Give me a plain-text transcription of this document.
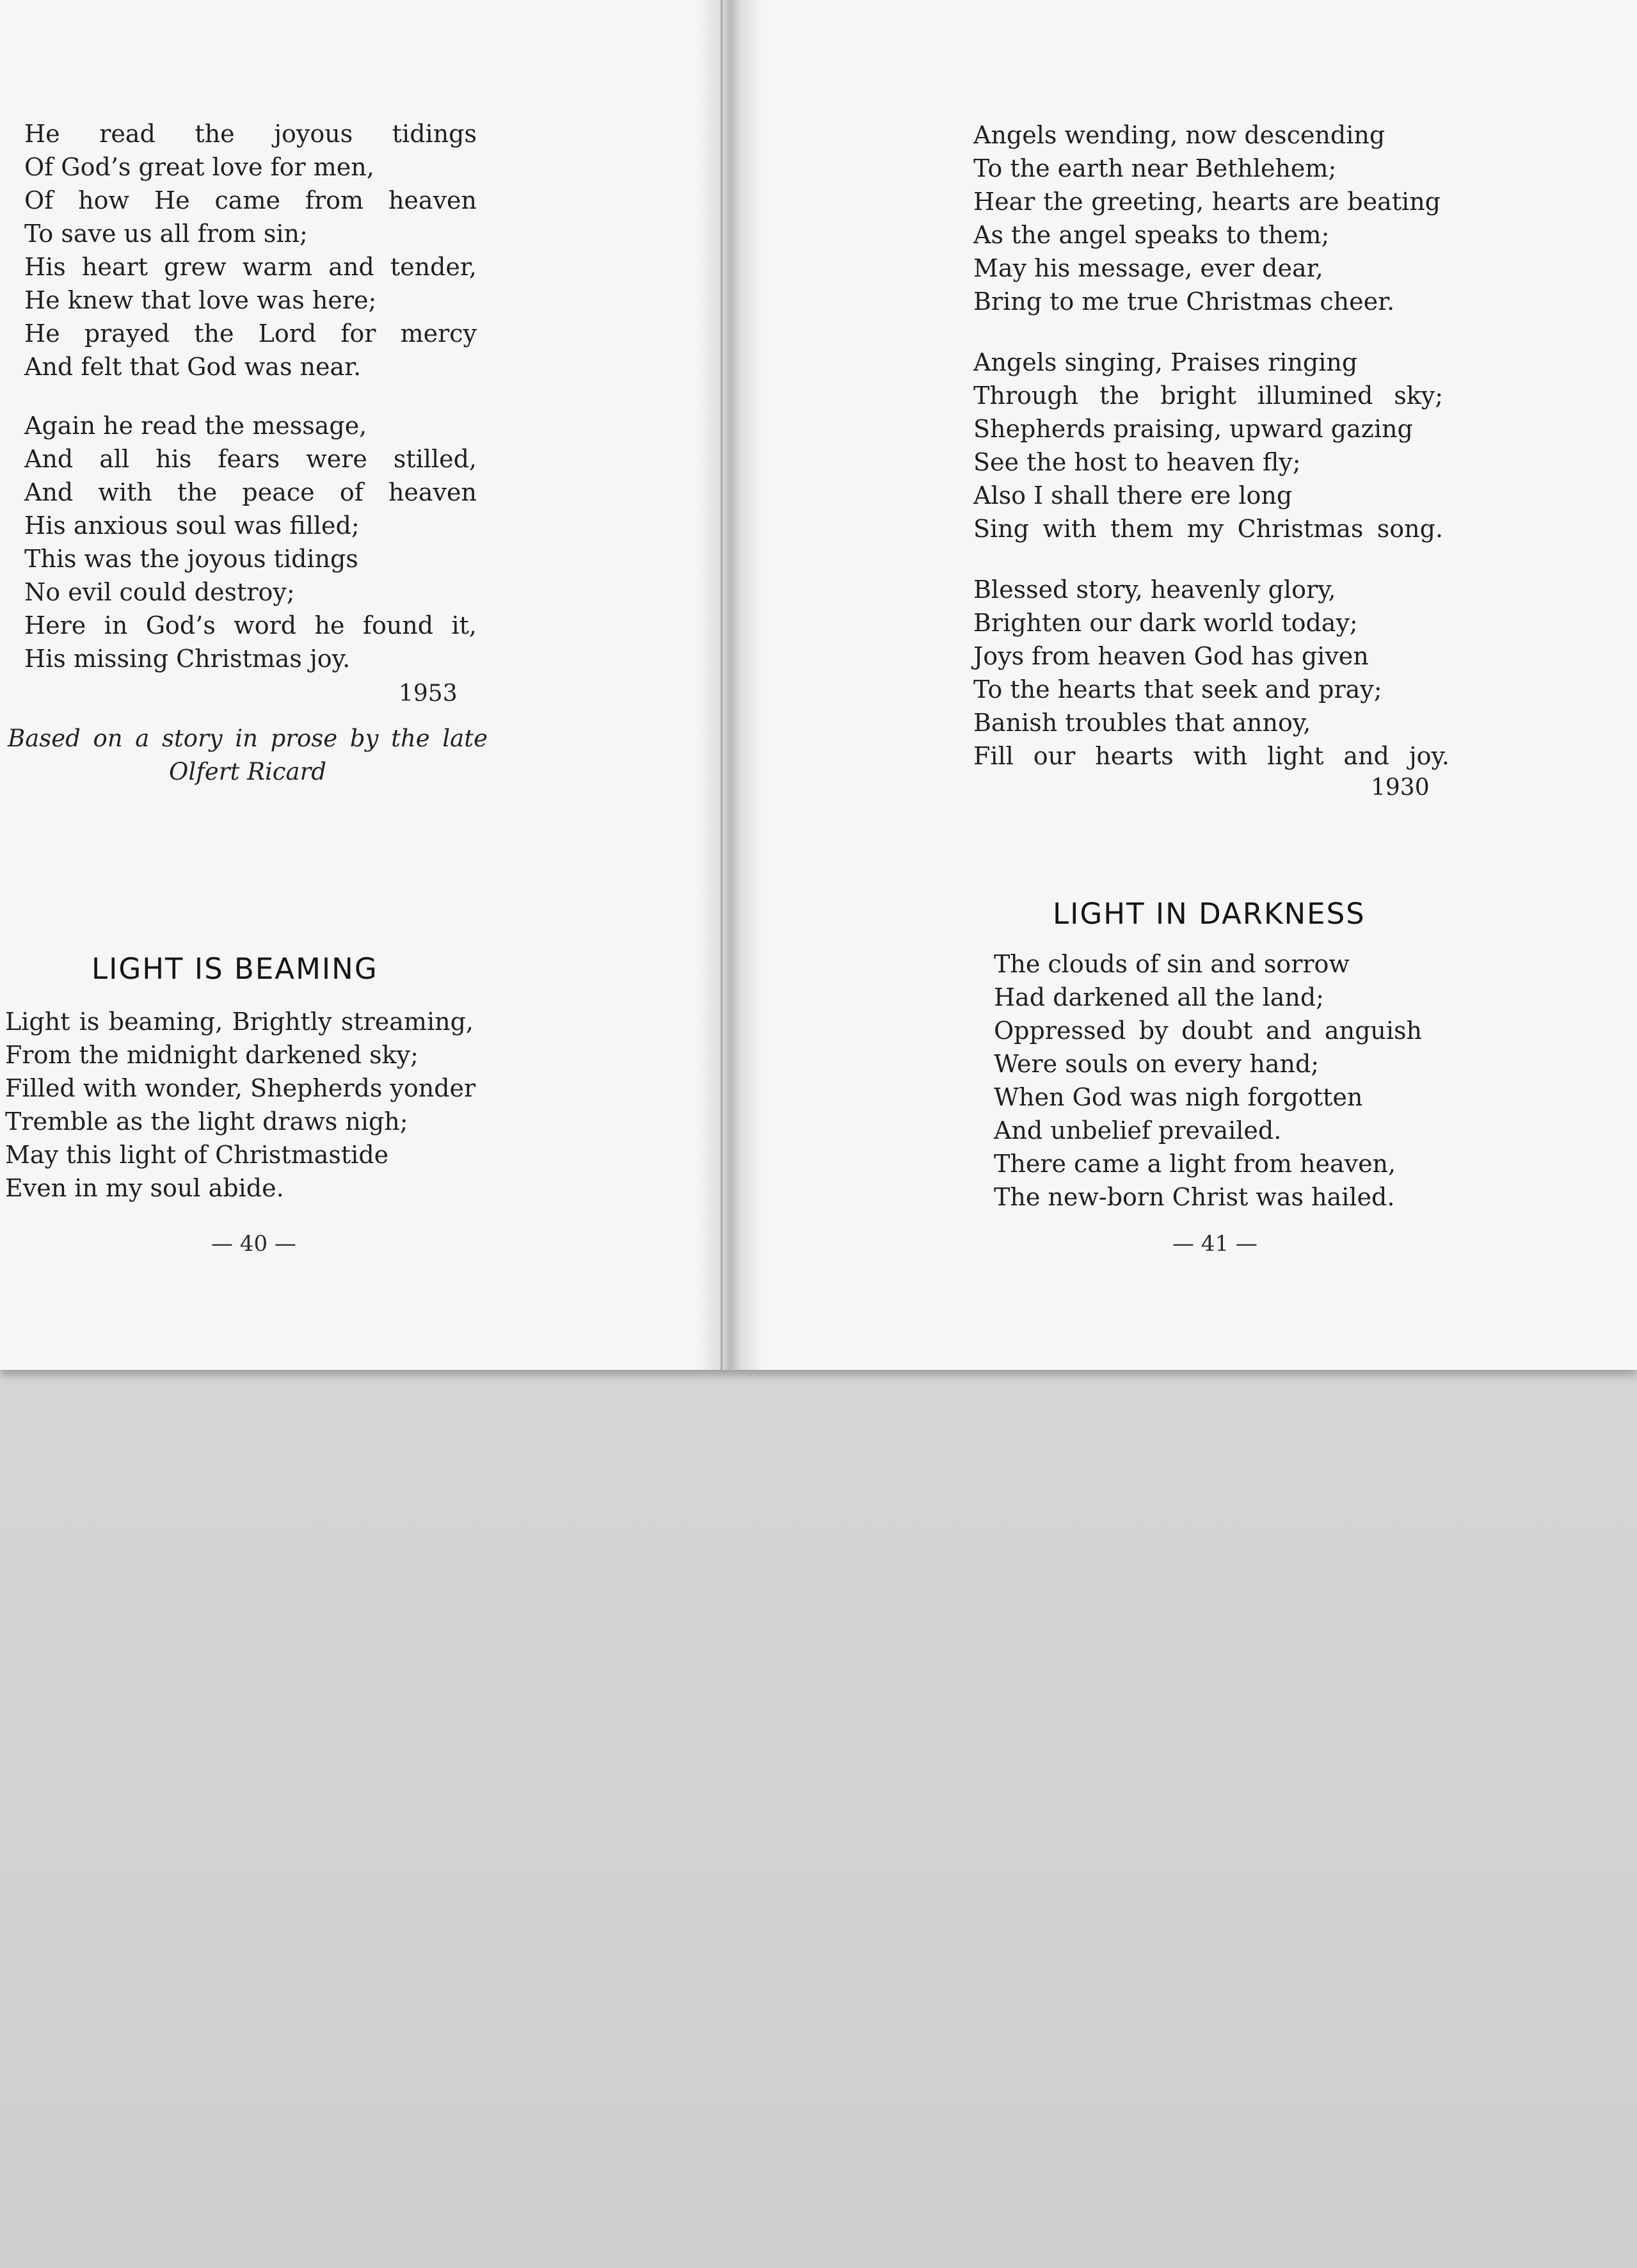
He read the joyous tidings
Of God’s great love for men,
Of how He came from heaven
To save us all from sin;
His heart grew warm and tender,
He knew that love was here;
He prayed the Lord for mercy
And felt that God was near.
Again he read the message,
And all his fears were stilled,
And with the peace of heaven
His anxious soul was filled;
This was the joyous tidings
No evil could destroy;
Here in God’s word he found it,
His missing Christmas joy.
1953
Based on a story in prose by the late
Olfert Ricard
LIGHT IS BEAMING
Light is beaming, Brightly streaming,
From the midnight darkened sky;
Filled with wonder, Shepherds yonder
Tremble as the light draws nigh;
May this light of Christmastide
Even in my soul abide.
— 40 —
Angels wending, now descending
To the earth near Bethlehem;
Hear the greeting, hearts are beating
As the angel speaks to them;
May his message, ever dear,
Bring to me true Christmas cheer.
Angels singing, Praises ringing
Through the bright illumined sky;
Shepherds praising, upward gazing
See the host to heaven fly;
Also I shall there ere long
Sing with them my Christmas song.
Blessed story, heavenly glory,
Brighten our dark world today;
Joys from heaven God has given
To the hearts that seek and pray;
Banish troubles that annoy,
Fill our hearts with light and joy.
1930
LIGHT IN DARKNESS
The clouds of sin and sorrow
Had darkened all the land;
Oppressed by doubt and anguish
Were souls on every hand;
When God was nigh forgotten
And unbelief prevailed.
There came a light from heaven,
The new-born Christ was hailed.
— 41 —
